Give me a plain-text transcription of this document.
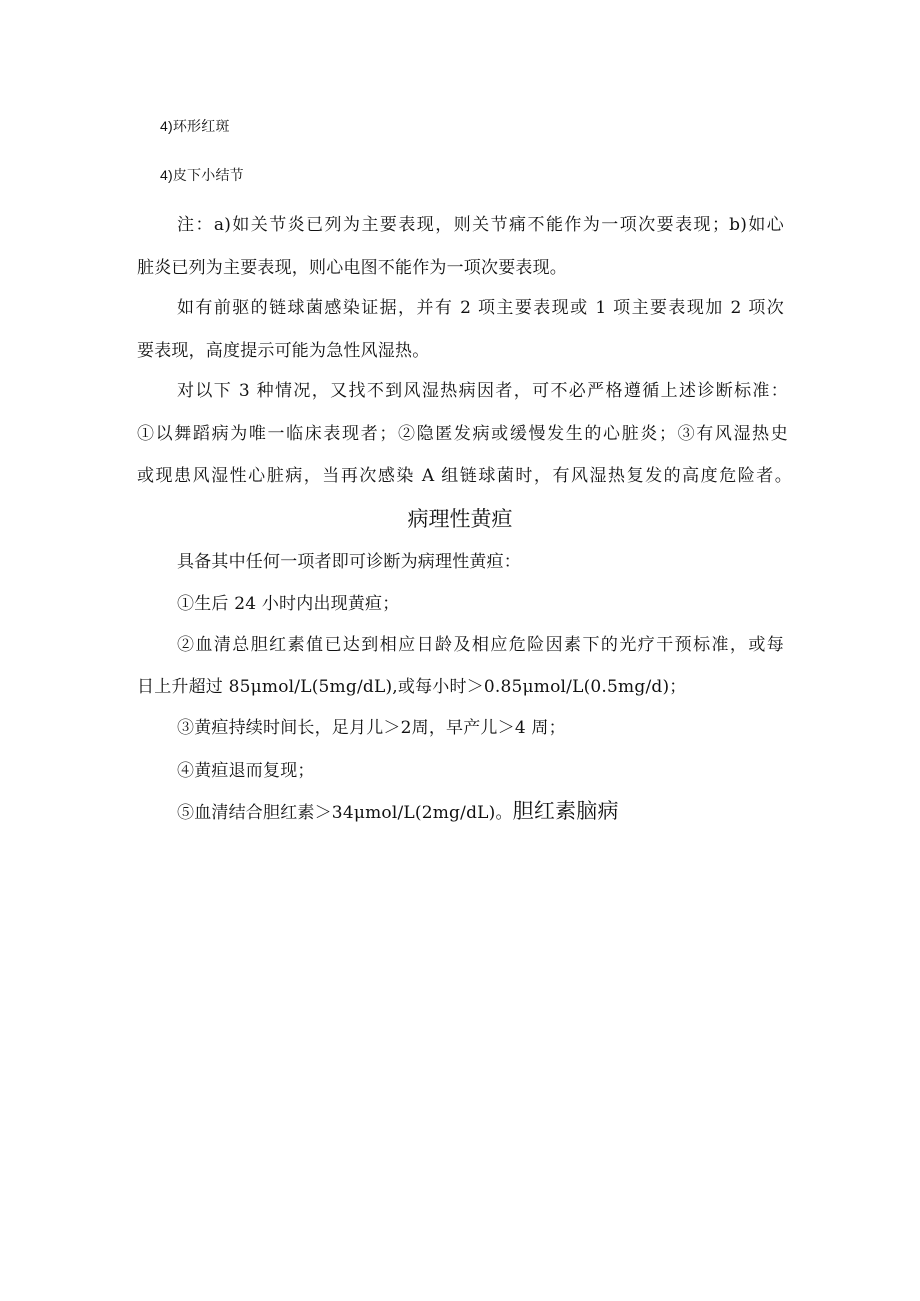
4)环形红斑
4)皮下小结节
注：a)如关节炎已列为主要表现，则关节痛不能作为一项次要表现；b)如心
脏炎已列为主要表现，则心电图不能作为一项次要表现。
如有前驱的链球菌感染证据，并有 2 项主要表现或 1 项主要表现加 2 项次
要表现，高度提示可能为急性风湿热。
对以下 3 种情况，又找不到风湿热病因者，可不必严格遵循上述诊断标准：
①以舞蹈病为唯一临床表现者；②隐匿发病或缓慢发生的心脏炎；③有风湿热史
或现患风湿性心脏病，当再次感染 A 组链球菌时，有风湿热复发的高度危险者。
病理性黄疸
具备其中任何一项者即可诊断为病理性黄疸：
①生后 24 小时内出现黄疸；
②血清总胆红素值已达到相应日龄及相应危险因素下的光疗干预标准，或每
日上升超过 85μmol∕L(5mg∕dL),或每小时＞0.85μmol∕L(0.5mg∕d)；
③黄疸持续时间长，足月儿＞2周，早产儿＞4 周；
④黄疸退而复现；
⑤血清结合胆红素＞34μmol∕L(2mg∕dL)。胆红素脑病
